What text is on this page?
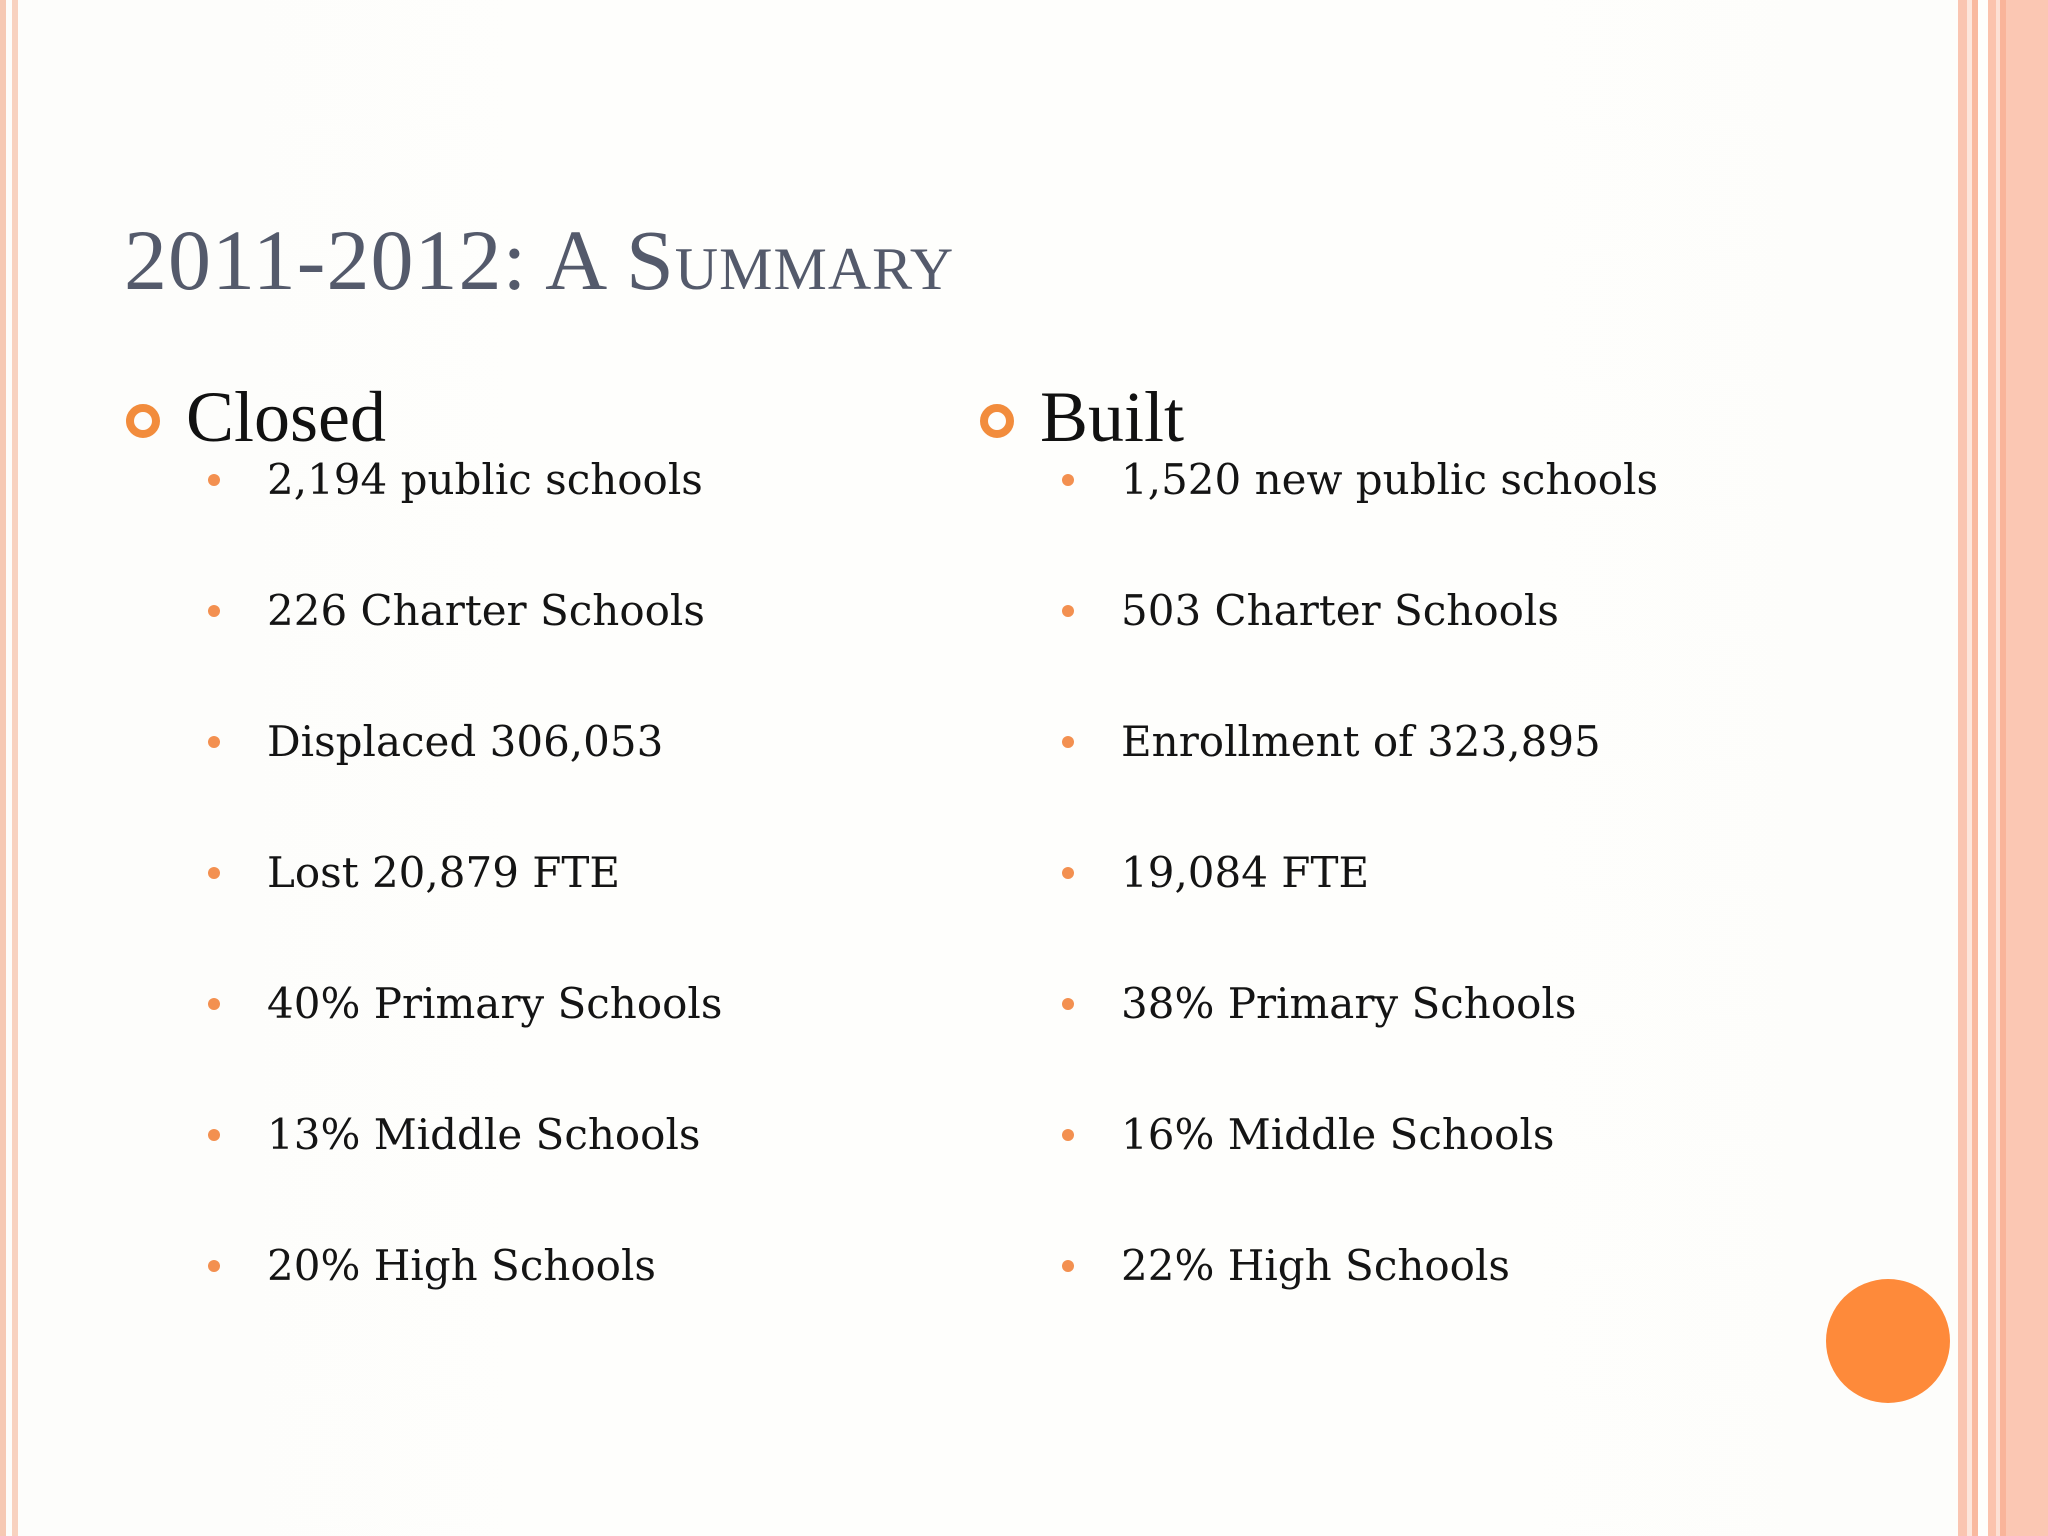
2011-2012: A Summary
Closed
2,194 public schools
226 Charter Schools
Displaced 306,053
Lost 20,879 FTE
40% Primary Schools
13% Middle Schools
20% High Schools
Built
1,520 new public schools
503 Charter Schools
Enrollment of 323,895
19,084 FTE
38% Primary Schools
16% Middle Schools
22% High Schools
